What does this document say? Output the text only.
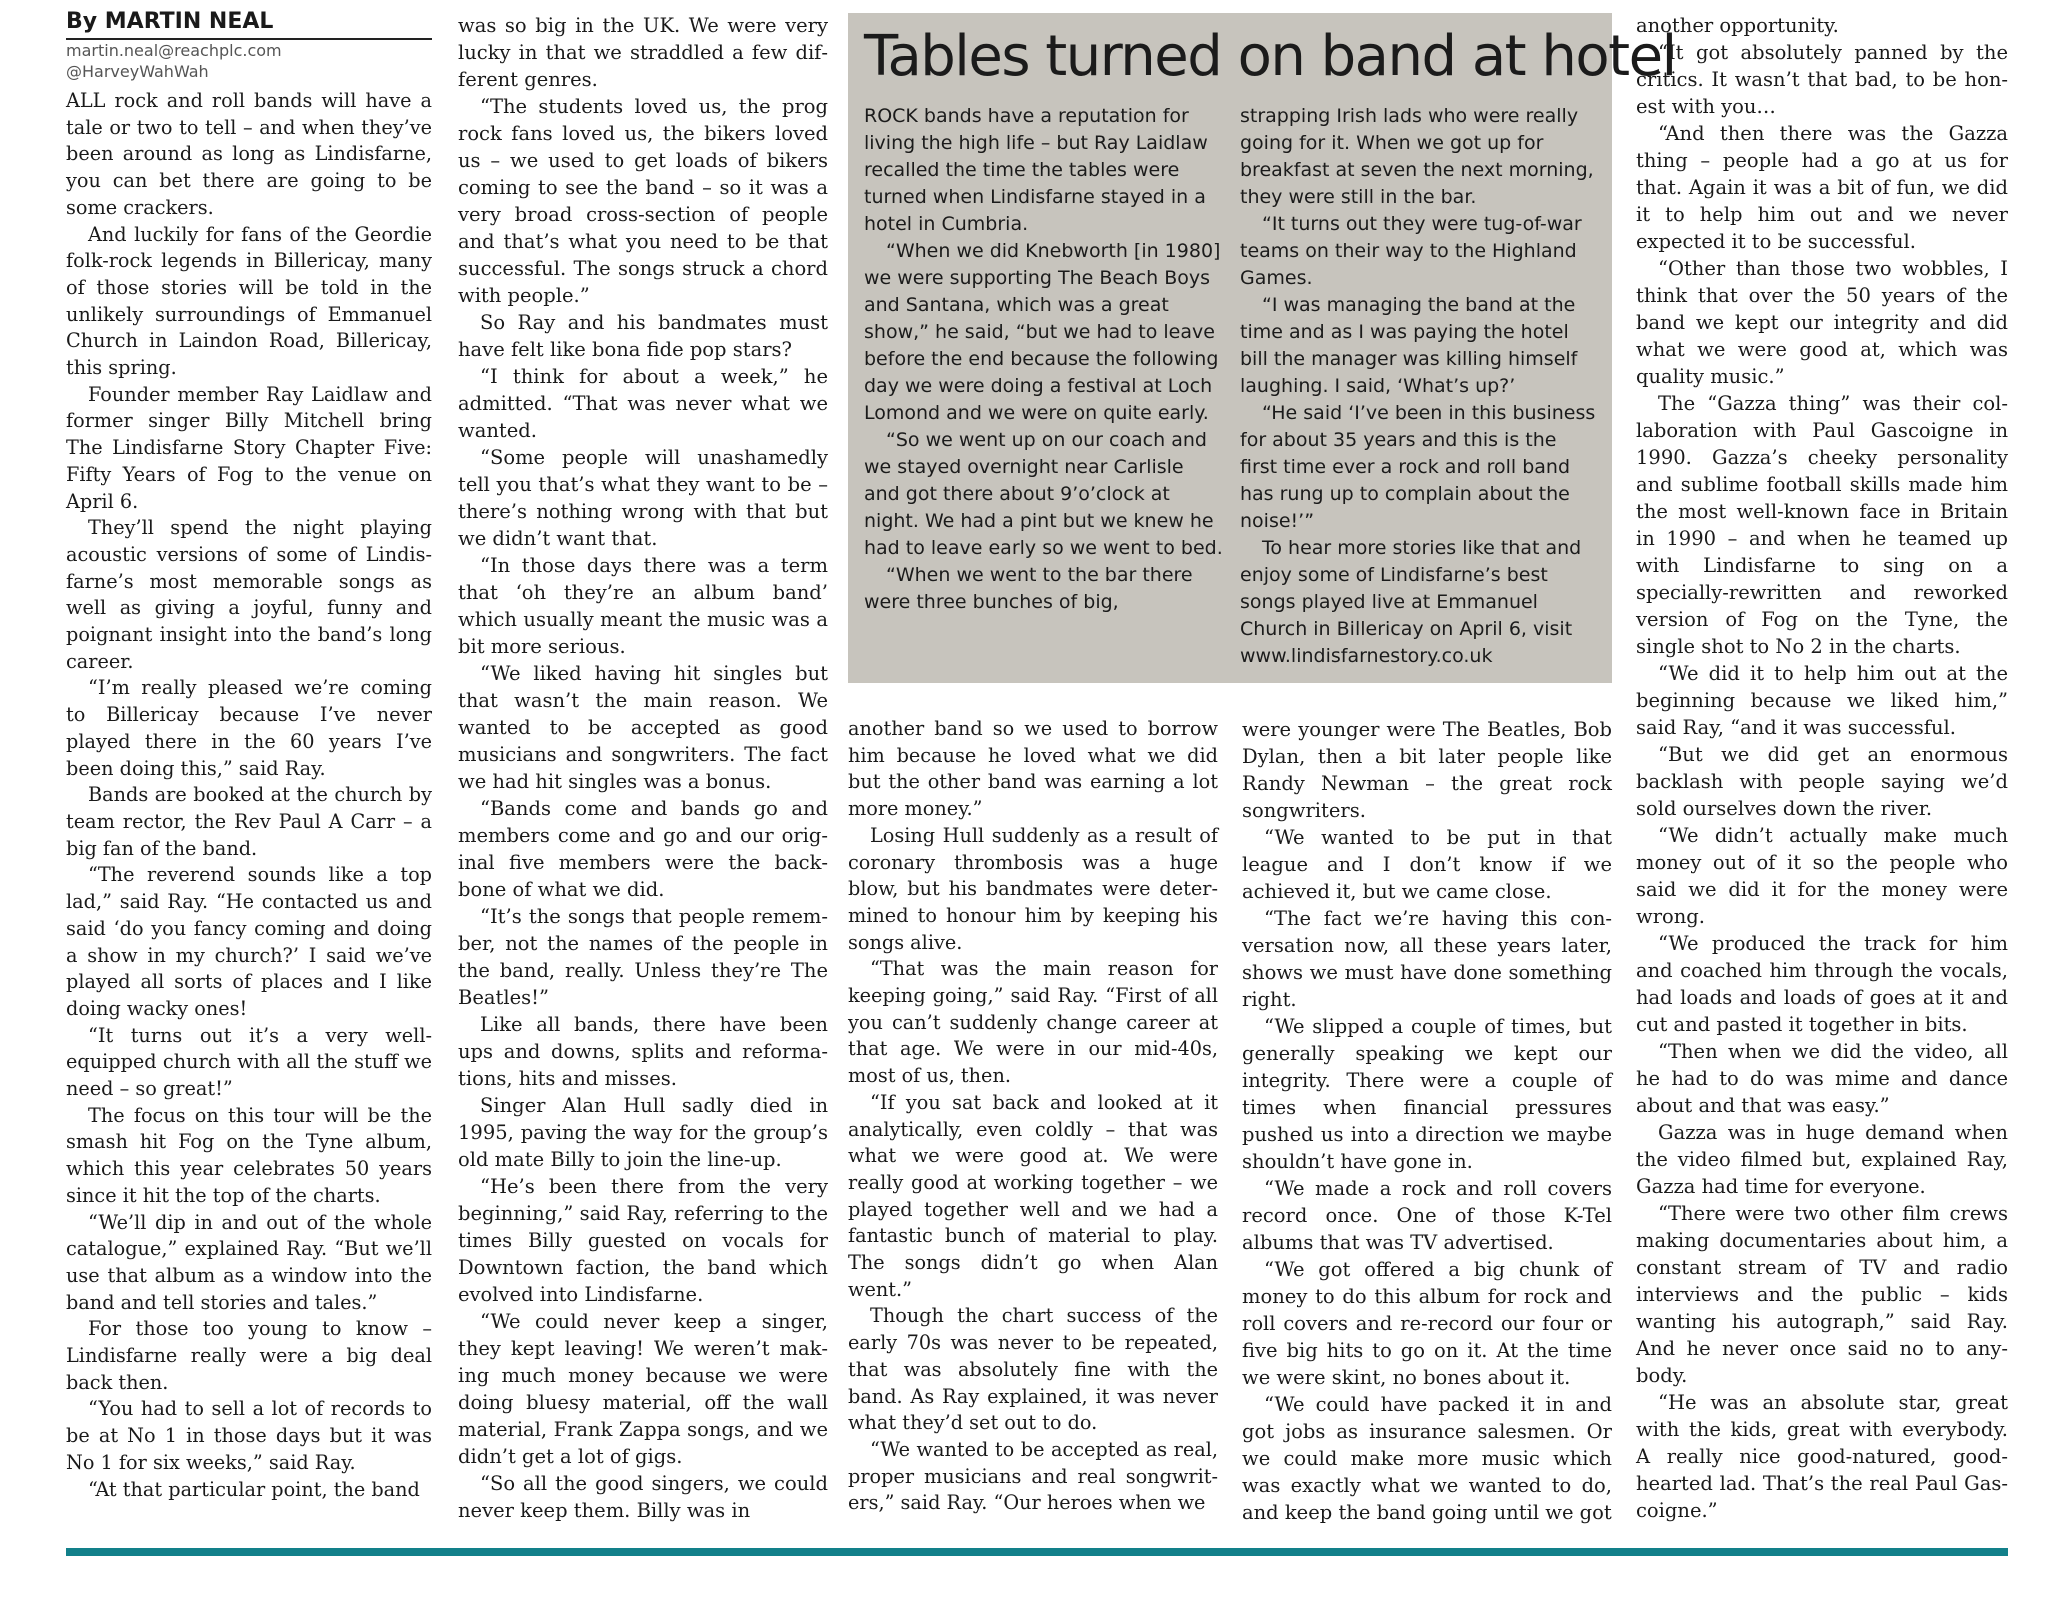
By MARTIN NEAL
martin.neal@reachplc.com
@HarveyWahWah

ALL rock and roll bands will have a tale or two to tell – and when they’ve been around as long as Lindisfarne, you can bet there are going to be some crackers.

And luckily for fans of the Geordie folk-rock legends in Billericay, many of those stories will be told in the unlikely surroundings of Emmanuel Church in Laindon Road, Billericay, this spring.

Founder member Ray Laidlaw and former singer Billy Mitchell bring The Lindisfarne Story Chapter Five: Fifty Years of Fog to the venue on April 6.

They’ll spend the night playing acoustic versions of some of Lindisfarne’s most memorable songs as well as giving a joyful, funny and poignant insight into the band’s long career.

“I’m really pleased we’re coming to Billericay because I’ve never played there in the 60 years I’ve been doing this,” said Ray.

Bands are booked at the church by team rector, the Rev Paul A Carr – a big fan of the band.

“The reverend sounds like a top lad,” said Ray. “He contacted us and said ‘do you fancy coming and doing a show in my church?’ I said we’ve played all sorts of places and I like doing wacky ones!

“It turns out it’s a very well-equipped church with all the stuff we need – so great!”

The focus on this tour will be the smash hit Fog on the Tyne album, which this year celebrates 50 years since it hit the top of the charts.

“We’ll dip in and out of the whole catalogue,” explained Ray. “But we’ll use that album as a window into the band and tell stories and tales.”

For those too young to know – Lindisfarne really were a big deal back then.

“You had to sell a lot of records to be at No 1 in those days but it was No 1 for six weeks,” said Ray.

“At that particular point, the band

was so big in the UK. We were very lucky in that we straddled a few different genres.

“The students loved us, the prog rock fans loved us, the bikers loved us – we used to get loads of bikers coming to see the band – so it was a very broad cross-section of people and that’s what you need to be that successful. The songs struck a chord with people.”

So Ray and his bandmates must have felt like bona fide pop stars?

“I think for about a week,” he admitted. “That was never what we wanted.

“Some people will unashamedly tell you that’s what they want to be – there’s nothing wrong with that but we didn’t want that.

“In those days there was a term that ‘oh they’re an album band’ which usually meant the music was a bit more serious.

“We liked having hit singles but that wasn’t the main reason. We wanted to be accepted as good musicians and songwriters. The fact we had hit singles was a bonus.

“Bands come and bands go and members come and go and our original five members were the backbone of what we did.

“It’s the songs that people remember, not the names of the people in the band, really. Unless they’re The Beatles!”

Like all bands, there have been ups and downs, splits and reformations, hits and misses.

Singer Alan Hull sadly died in 1995, paving the way for the group’s old mate Billy to join the line-up.

“He’s been there from the very beginning,” said Ray, referring to the times Billy guested on vocals for Downtown faction, the band which evolved into Lindisfarne.

“We could never keep a singer, they kept leaving! We weren’t making much money because we were doing bluesy material, off the wall material, Frank Zappa songs, and we didn’t get a lot of gigs.

“So all the good singers, we could never keep them. Billy was in

Tables turned on band at hotel

ROCK bands have a reputation for living the high life – but Ray Laidlaw recalled the time the tables were turned when Lindisfarne stayed in a hotel in Cumbria.

“When we did Knebworth [in 1980] we were supporting The Beach Boys and Santana, which was a great show,” he said, “but we had to leave before the end because the following day we were doing a festival at Loch Lomond and we were on quite early.

“So we went up on our coach and we stayed overnight near Carlisle and got there about 9’o’clock at night. We had a pint but we knew he had to leave early so we went to bed.

“When we went to the bar there were three bunches of big,

strapping Irish lads who were really going for it. When we got up for breakfast at seven the next morning, they were still in the bar.

“It turns out they were tug-of-war teams on their way to the Highland Games.

“I was managing the band at the time and as I was paying the hotel bill the manager was killing himself laughing. I said, ‘What’s up?’

“He said ‘I’ve been in this business for about 35 years and this is the first time ever a rock and roll band has rung up to complain about the noise!’”

To hear more stories like that and enjoy some of Lindisfarne’s best songs played live at Emmanuel Church in Billericay on April 6, visit www.lindisfarnestory.co.uk

another band so we used to borrow him because he loved what we did but the other band was earning a lot more money.”

Losing Hull suddenly as a result of coronary thrombosis was a huge blow, but his bandmates were determined to honour him by keeping his songs alive.

“That was the main reason for keeping going,” said Ray. “First of all you can’t suddenly change career at that age. We were in our mid-40s, most of us, then.

“If you sat back and looked at it analytically, even coldly – that was what we were good at. We were really good at working together – we played together well and we had a fantastic bunch of material to play. The songs didn’t go when Alan went.”

Though the chart success of the early 70s was never to be repeated, that was absolutely fine with the band. As Ray explained, it was never what they’d set out to do.

“We wanted to be accepted as real, proper musicians and real songwriters,” said Ray. “Our heroes when we

were younger were The Beatles, Bob Dylan, then a bit later people like Randy Newman – the great rock songwriters.

“We wanted to be put in that league and I don’t know if we achieved it, but we came close.

“The fact we’re having this conversation now, all these years later, shows we must have done something right.

“We slipped a couple of times, but generally speaking we kept our integrity. There were a couple of times when financial pressures pushed us into a direction we maybe shouldn’t have gone in.

“We made a rock and roll covers record once. One of those K-Tel albums that was TV advertised.

“We got offered a big chunk of money to do this album for rock and roll covers and re-record our four or five big hits to go on it. At the time we were skint, no bones about it.

“We could have packed it in and got jobs as insurance salesmen. Or we could make more music which was exactly what we wanted to do, and keep the band going until we got

another opportunity.

“It got absolutely panned by the critics. It wasn’t that bad, to be honest with you…

“And then there was the Gazza thing – people had a go at us for that. Again it was a bit of fun, we did it to help him out and we never expected it to be successful.

“Other than those two wobbles, I think that over the 50 years of the band we kept our integrity and did what we were good at, which was quality music.”

The “Gazza thing” was their collaboration with Paul Gascoigne in 1990. Gazza’s cheeky personality and sublime football skills made him the most well-known face in Britain in 1990 – and when he teamed up with Lindisfarne to sing on a specially-rewritten and reworked version of Fog on the Tyne, the single shot to No 2 in the charts.

“We did it to help him out at the beginning because we liked him,” said Ray, “and it was successful.

“But we did get an enormous backlash with people saying we’d sold ourselves down the river.

“We didn’t actually make much money out of it so the people who said we did it for the money were wrong.

“We produced the track for him and coached him through the vocals, had loads and loads of goes at it and cut and pasted it together in bits.

“Then when we did the video, all he had to do was mime and dance about and that was easy.”

Gazza was in huge demand when the video filmed but, explained Ray, Gazza had time for everyone.

“There were two other film crews making documentaries about him, a constant stream of TV and radio interviews and the public – kids wanting his autograph,” said Ray. And he never once said no to anybody.

“He was an absolute star, great with the kids, great with everybody. A really nice good-natured, good-hearted lad. That’s the real Paul Gascoigne.”
